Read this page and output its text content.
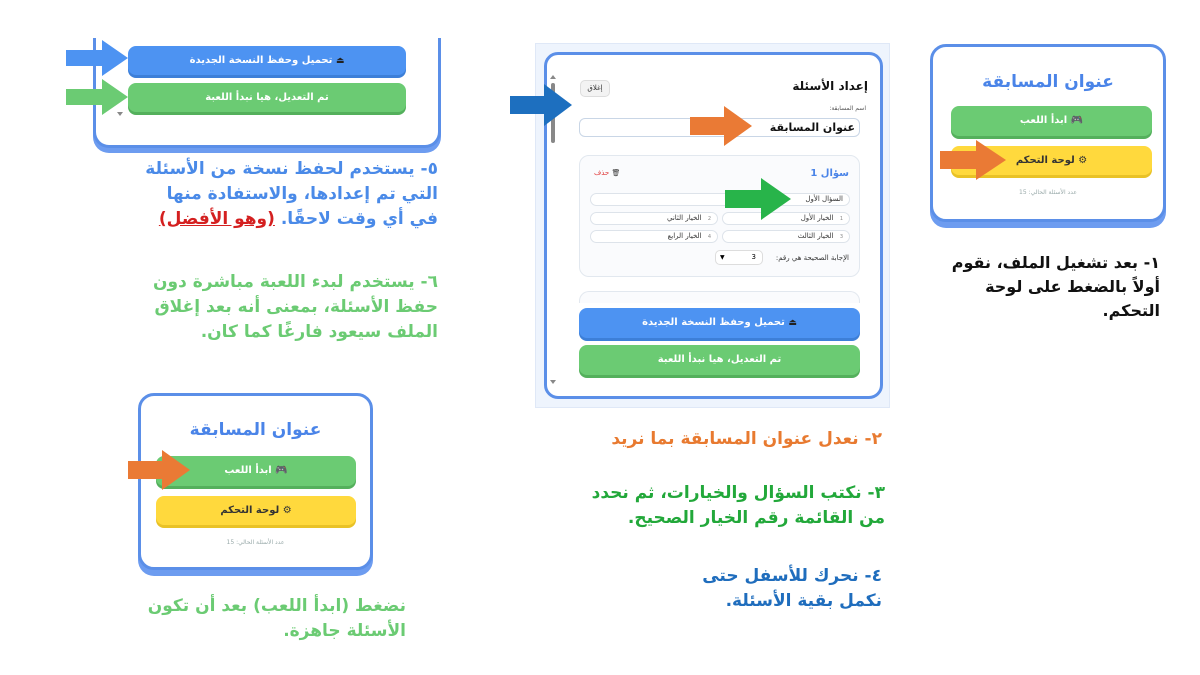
⏏ تحميل وحفظ النسخة الجديدة
تم التعديل، هيا نبدأ اللعبة
٥- يستخدم لحفظ نسخة من الأسئلة التي تم إعدادها، والاستفادة منها في أي وقت لاحقًا. (وهو الأفضل)
٦- يستخدم لبدء اللعبة مباشرة دون حفظ الأسئلة، بمعنى أنه بعد إغلاق الملف سيعود فارغًا كما كان.
عنوان المسابقة
🎮 ابدأ اللعب
⚙ لوحة التحكم
عدد الأسئلة الحالي: 15
نضغط (ابدأ اللعب) بعد أن تكون الأسئلة جاهزة.
إعداد الأسئلة
إغلاق
اسم المسابقة:
عنوان المسابقة
سؤال 1
🗑 حذف
السؤال الأول
1 الخيار الأول
2 الخيار الثاني
3 الخيار الثالث
4 الخيار الرابع
الإجابة الصحيحة هي رقم:
▼	3
⏏ تحميل وحفظ النسخة الجديدة
تم التعديل، هيا نبدأ اللعبة
٢- نعدل عنوان المسابقة بما نريد
٣- نكتب السؤال والخيارات، ثم نحدد من القائمة رقم الخيار الصحيح.
٤- نحرك للأسفل حتى نكمل بقية الأسئلة.
عنوان المسابقة
🎮 ابدأ اللعب
⚙ لوحة التحكم
عدد الأسئلة الحالي: 15
١- بعد تشغيل الملف، نقوم أولاً بالضغط على لوحة التحكم.
